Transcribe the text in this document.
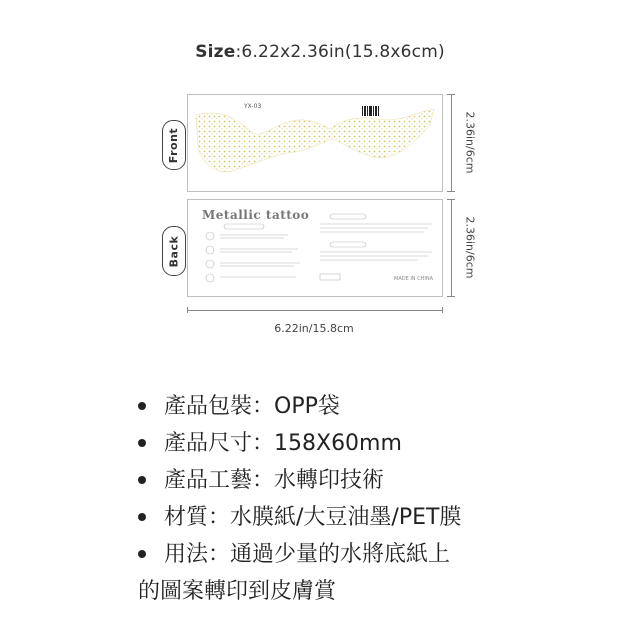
Size:6.22x2.36in(15.8x6cm)
Front
YX-03
2.36in/6cm
Back
Metallic tattoo
MADE IN CHINA
2.36in/6cm
6.22in/15.8cm
產品包裝：OPP袋
產品尺寸：158X60mm
產品工藝：水轉印技術
材質：水膜紙/大豆油墨/PET膜
用法：通過少量的水將底紙上
的圖案轉印到皮膚賞
